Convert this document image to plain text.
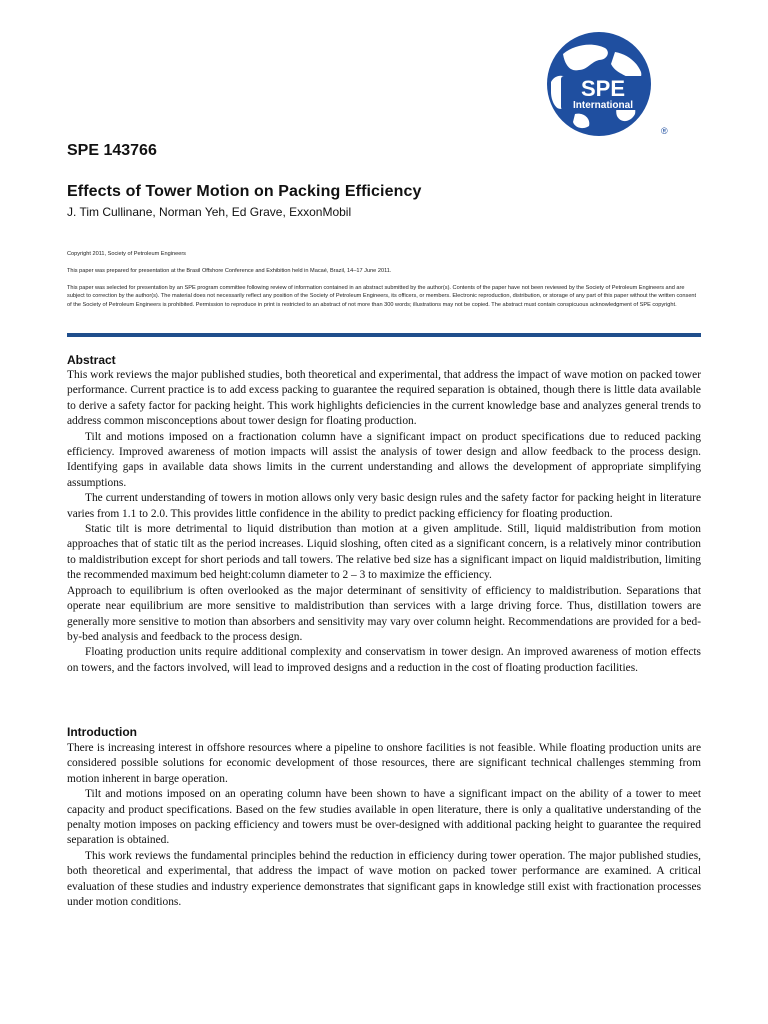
SPE
International
®
SPE 143766
Effects of Tower Motion on Packing Efficiency

J. Tim Cullinane, Norman Yeh, Ed Grave, ExxonMobil

Copyright 2011, Society of Petroleum Engineers

This paper was prepared for presentation at the Brasil Offshore Conference and Exhibition held in Macaé, Brazil, 14–17 June 2011.

This paper was selected for presentation by an SPE program committee following review of information contained in an abstract submitted by the author(s). Contents of the paper have not been reviewed by the Society of Petroleum Engineers and are subject to correction by the author(s). The material does not necessarily reflect any position of the Society of Petroleum Engineers, its officers, or members. Electronic reproduction, distribution, or storage of any part of this paper without the written consent of the Society of Petroleum Engineers is prohibited. Permission to reproduce in print is restricted to an abstract of not more than 300 words; illustrations may not be copied. The abstract must contain conspicuous acknowledgment of SPE copyright.

Abstract

This work reviews the major published studies, both theoretical and experimental, that address the impact of wave motion on packed tower performance. Current practice is to add excess packing to guarantee the required separation is obtained, though there is little data available to derive a safety factor for packing height. This work highlights deficiencies in the current knowledge base and analyzes general trends to address common misconceptions about tower design for floating production.

Tilt and motions imposed on a fractionation column have a significant impact on product specifications due to reduced packing efficiency. Improved awareness of motion impacts will assist the analysis of tower design and allow feedback to the process design. Identifying gaps in available data shows limits in the current understanding and allows the development of appropriate simplifying assumptions.

The current understanding of towers in motion allows only very basic design rules and the safety factor for packing height in literature varies from 1.1 to 2.0. This provides little confidence in the ability to predict packing efficiency for floating production.

Static tilt is more detrimental to liquid distribution than motion at a given amplitude. Still, liquid maldistribution from motion approaches that of static tilt as the period increases. Liquid sloshing, often cited as a significant concern, is a relatively minor contribution to maldistribution except for short periods and tall towers. The relative bed size has a significant impact on liquid maldistribution, limiting the recommended maximum bed height:column diameter to 2 – 3 to maximize the efficiency.

Approach to equilibrium is often overlooked as the major determinant of sensitivity of efficiency to maldistribution. Separations that operate near equilibrium are more sensitive to maldistribution than services with a large driving force. Thus, distillation towers are generally more sensitive to motion than absorbers and sensitivity may vary over column height. Recommendations are provided for a bed-by-bed analysis and feedback to the process design.

Floating production units require additional complexity and conservatism in tower design. An improved awareness of motion effects on towers, and the factors involved, will lead to improved designs and a reduction in the cost of floating production facilities.

Introduction

There is increasing interest in offshore resources where a pipeline to onshore facilities is not feasible. While floating production units are considered possible solutions for economic development of those resources, there are significant technical challenges stemming from motion inherent in barge operation.

Tilt and motions imposed on an operating column have been shown to have a significant impact on the ability of a tower to meet capacity and product specifications. Based on the few studies available in open literature, there is only a qualitative understanding of the penalty motion imposes on packing efficiency and towers must be over-designed with additional packing height to guarantee the required separation is obtained.

This work reviews the fundamental principles behind the reduction in efficiency during tower operation. The major published studies, both theoretical and experimental, that address the impact of wave motion on packed tower performance are examined. A critical evaluation of these studies and industry experience demonstrates that significant gaps in knowledge still exist with fractionation processes under motion conditions.
